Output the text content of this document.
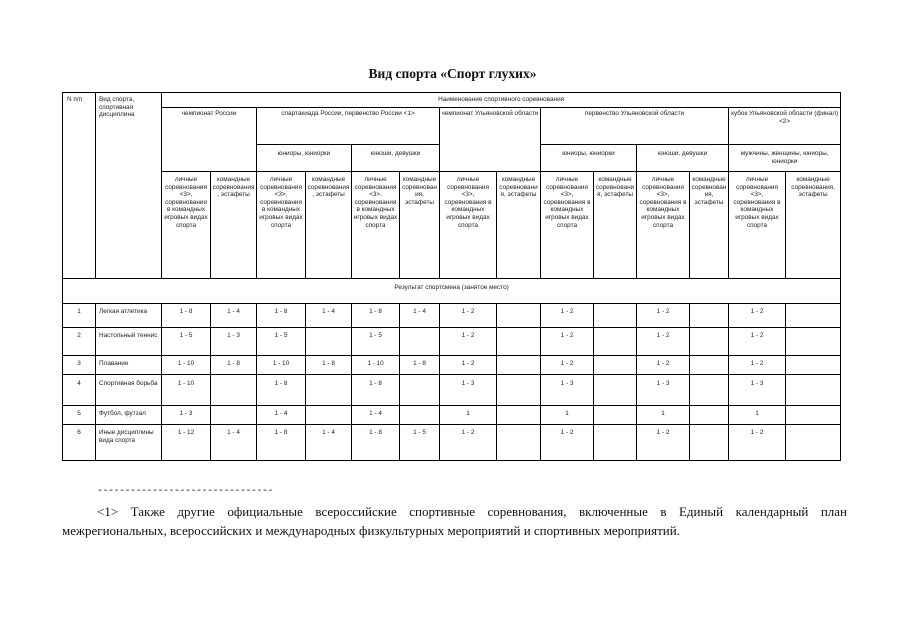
Вид спорта «Спорт глухих»
N п/п	Вид спорта, спортивная дисциплина	Наименование спортивного соревнования													
		чемпионат России		спартакиада России, первенство России <1>				чемпионат Ульяновской области		первенство Ульяновской области				кубок Ульяновской области (финал) <2>	
				юниоры, юниорки		юноши, девушки				юниоры, юниорки		юноши, девушки		мужчины, женщины, юниоры, юниорки	
		личные соревнования <3>, соревнования в командных игровых видах спорта	командные соревнования, эстафеты	личные соревнования <3>, соревнования в командных игровых видах спорта	командные соревнования, эстафеты	личные соревнования <3>, соревнования в командных игровых видах спорта	командные соревнования, эстафеты	личные соревнования <3>, соревнования в командных игровых видах спорта	командные соревнования, эстафеты	личные соревнования <3>, соревнования в командных игровых видах спорта	командные соревнования, эстафеты	личные соревнования <3>, соревнования в командных игровых видах спорта	командные соревнования, эстафеты	личные соревнования <3>, соревнования в командных игровых видах спорта	командные соревнования, эстафеты
Результат спортсмена (занятое место)															
1	Легкая атлетика	1 - 8	1 - 4	1 - 8	1 - 4	1 - 8	1 - 4	1 - 2		1 - 2		1 - 2		1 - 2	
2	Настольный теннис	1 - 5	1 - 3	1 - 5		1 - 5		1 - 2		1 - 2		1 - 2		1 - 2	
3	Плавание	1 - 10	1 - 8	1 - 10	1 - 8	1 - 10	1 - 8	1 - 2		1 - 2		1 - 2		1 - 2	
4	Спортивная борьба	1 - 10		1 - 8		1 - 8		1 - 3		1 - 3		1 - 3		1 - 3	
5	Футбол, футзал	1 - 3		1 - 4		1 - 4		1		1		1		1	
6	Иные дисциплины вида спорта	1 - 12	1 - 4	1 - 8	1 - 4	1 - 8	1 - 5	1 - 2		1 - 2		1 - 2		1 - 2	
--------------------------------
<1> Также другие официальные всероссийские спортивные соревнования, включенные в Единый календарный план межрегиональных, всероссийских и международных физкультурных мероприятий и спортивных мероприятий.
